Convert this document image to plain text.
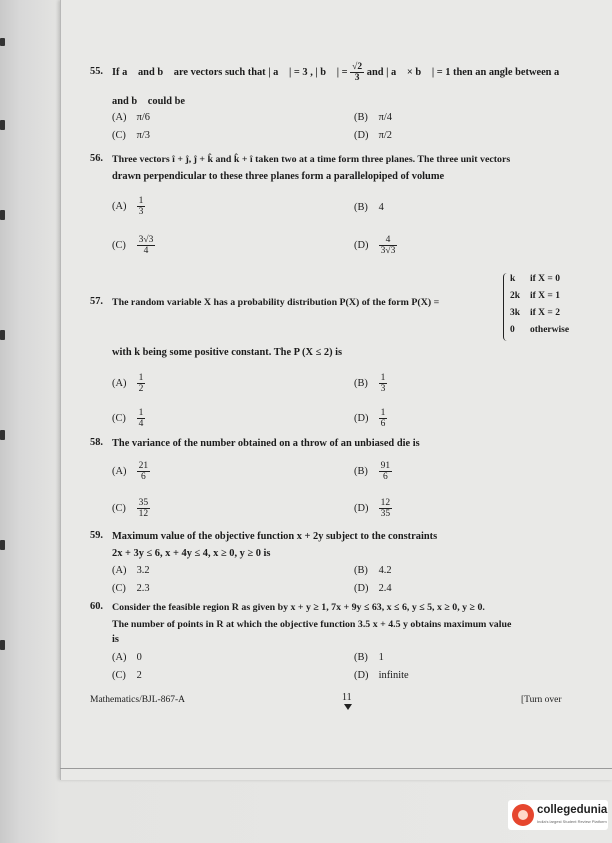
55. If a⃗ and b⃗ are vectors such that | a⃗ | = 3 , | b⃗ | = $\frac{√2}{3}$ and | a⃗ × b⃗ | = 1 then an angle between a⃗
and b⃗ could be
(A) π/6	(B) π/4
(C) π/3	(D) π/2
56. Three vectors î + ĵ, ĵ + k̂ and k̂ + î taken two at a time form three planes. The three unit vectors
drawn perpendicular to these three planes form a parallelopiped of volume
$(A) \frac{1}{3}$	(B) 4
$(C) \frac{3√3}{4}$	$(D) \frac{4}{3√3}$
57. The random variable X has a probability distribution P(X) of the form P(X) =
k if X = 0
2k if X = 1
3k if X = 2
0 otherwise
with k being some positive constant. The P (X ≤ 2) is
$(A) \frac{1}{2}$	$(B) \frac{1}{3}$
$(C) \frac{1}{4}$	$(D) \frac{1}{6}$
58. The variance of the number obtained on a throw of an unbiased die is
$(A) \frac{21}{6}$	$(B) \frac{91}{6}$
$(C) \frac{35}{12}$	$(D) \frac{12}{35}$
59. Maximum value of the objective function x + 2y subject to the constraints
2x + 3y ≤ 6, x + 4y ≤ 4, x ≥ 0, y ≥ 0 is
(A) 3.2	(B) 4.2
(C) 2.3	(D) 2.4
60. Consider the feasible region R as given by x + y ≥ 1, 7x + 9y ≤ 63, x ≤ 6, y ≤ 5, x ≥ 0, y ≥ 0.
The number of points in R at which the objective function 3.5 x + 4.5 y obtains maximum value
is
(A) 0	(B) 1
(C) 2	(D) infinite
Mathematics/BJL-867-A	11	[Turn over
collegedunia
India's largest Student Review Platform
